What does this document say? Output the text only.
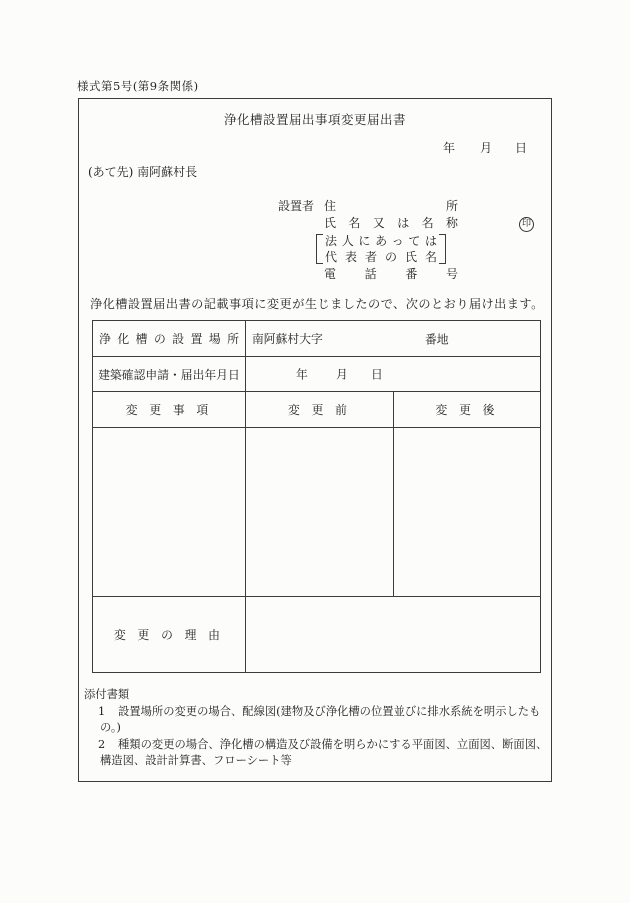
様式第5号(第9条関係)
浄化槽設置届出事項変更届出書
年 月 日
(あて先) 南阿蘇村長
設置者 住所
氏名又は名称
法人にあっては
代表者の氏名
電話番号
印
浄化槽設置届出書の記載事項に変更が生じましたので、次のとおり届け出ます。
浄化槽の設置場所	南阿蘇村大字 番地	

建築確認申請・届出年月日	年 月 日	

変 更 事 項	変 更 前	変 更 後

変 更 の 理 由		
添付書類
1 設置場所の変更の場合、配線図(建物及び浄化槽の位置並びに排水系統を明示したも
の。)
2 種類の変更の場合、浄化槽の構造及び設備を明らかにする平面図、立面図、断面図、
構造図、設計計算書、フローシート等
